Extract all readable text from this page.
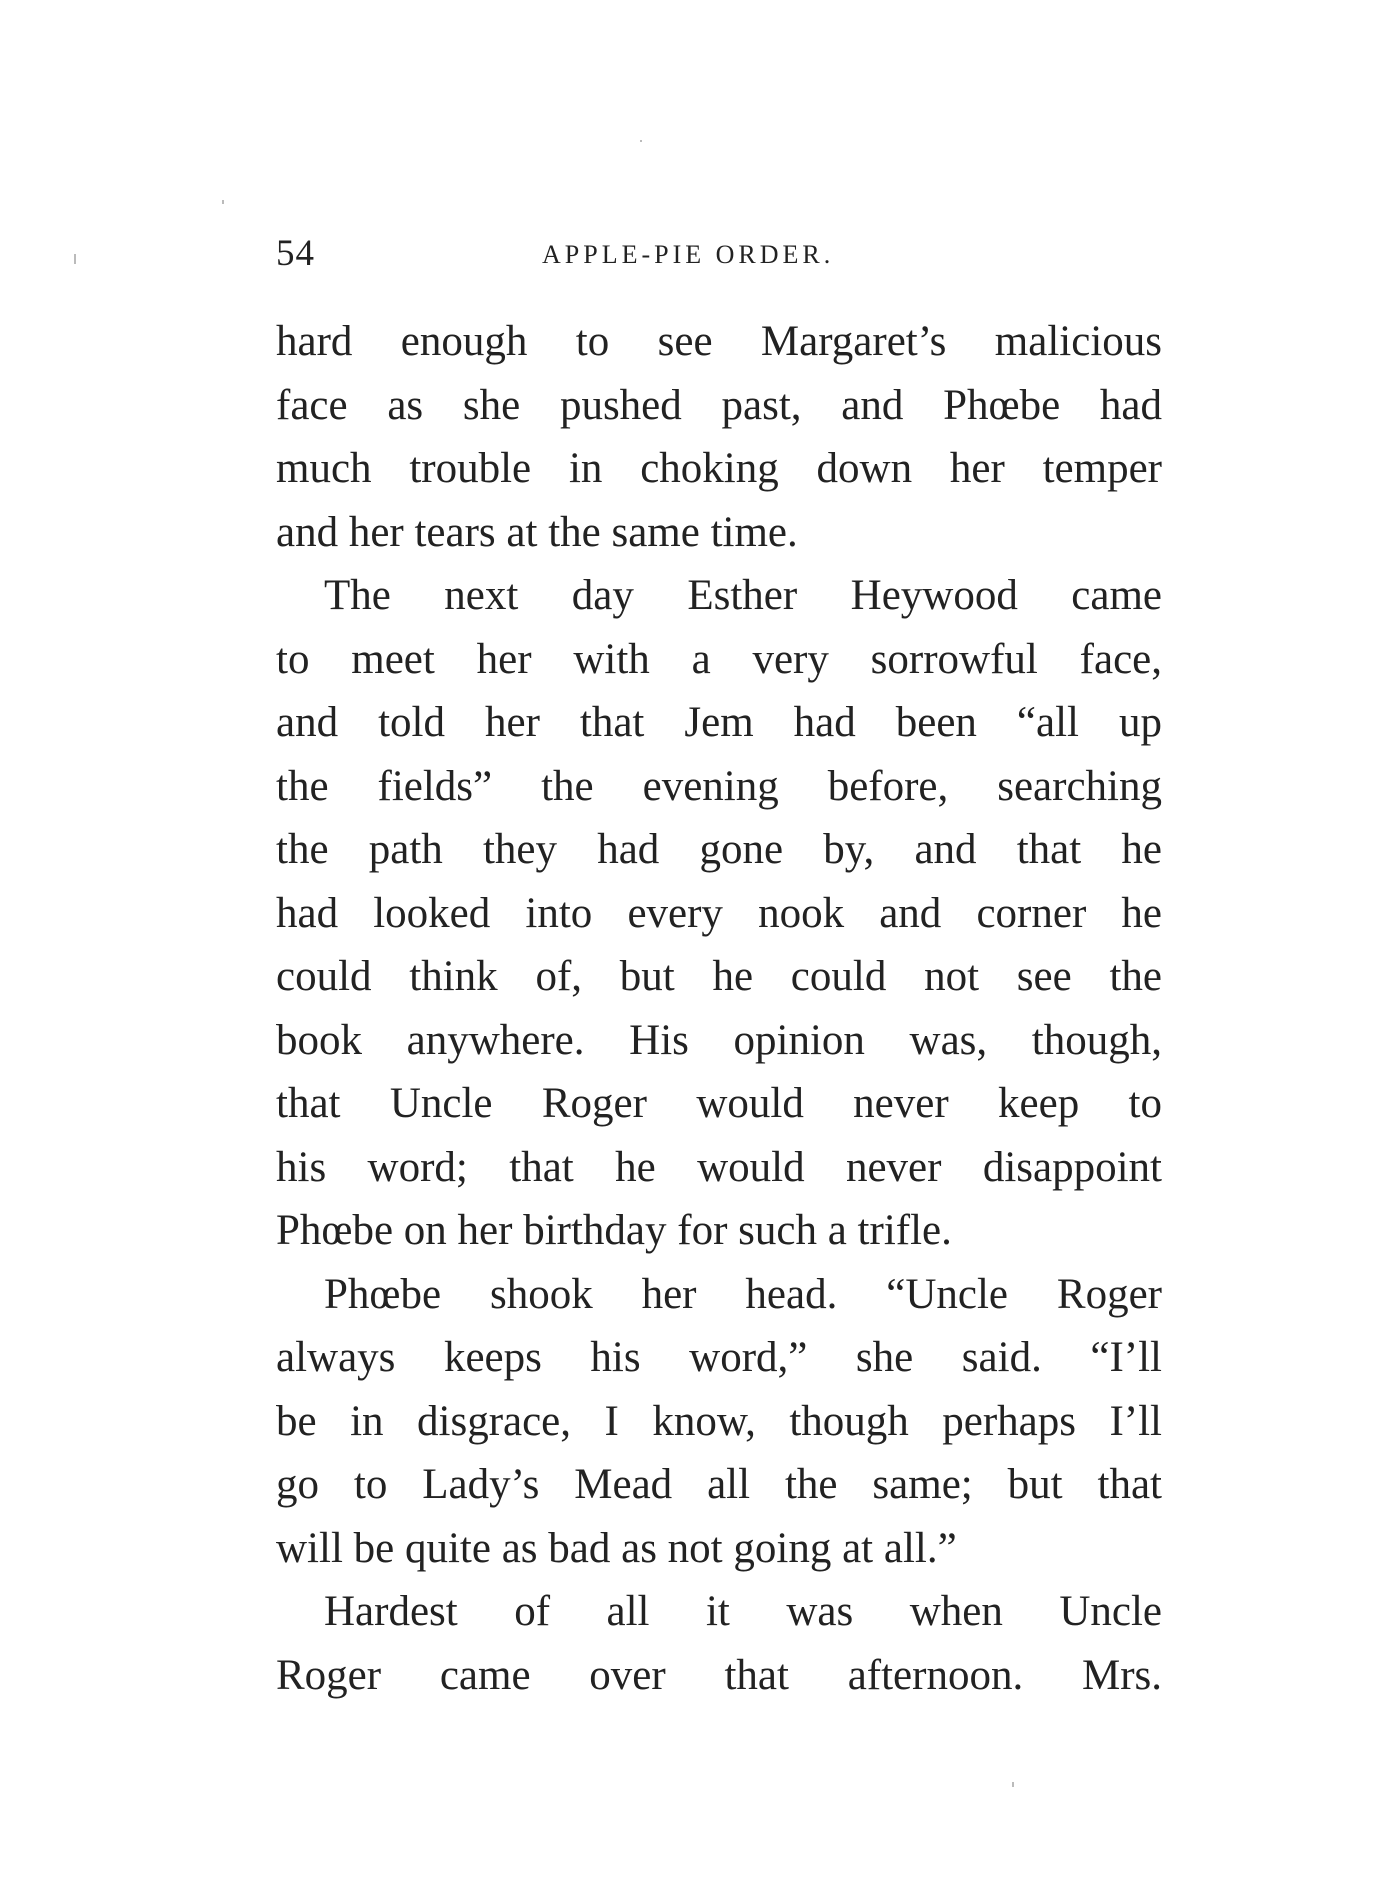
54	APPLE-PIE ORDER.
hard enough to see Margaret’s malicious
face as she pushed past, and Phœbe had
much trouble in choking down her temper
and her tears at the same time.
The next day Esther Heywood came
to meet her with a very sorrowful face,
and told her that Jem had been “all up
the fields” the evening before, searching
the path they had gone by, and that he
had looked into every nook and corner he
could think of, but he could not see the
book anywhere. His opinion was, though,
that Uncle Roger would never keep to
his word; that he would never disappoint
Phœbe on her birthday for such a trifle.
Phœbe shook her head. “Uncle Roger
always keeps his word,” she said. “I’ll
be in disgrace, I know, though perhaps I’ll
go to Lady’s Mead all the same; but that
will be quite as bad as not going at all.”
Hardest of all it was when Uncle
Roger came over that afternoon. Mrs.
